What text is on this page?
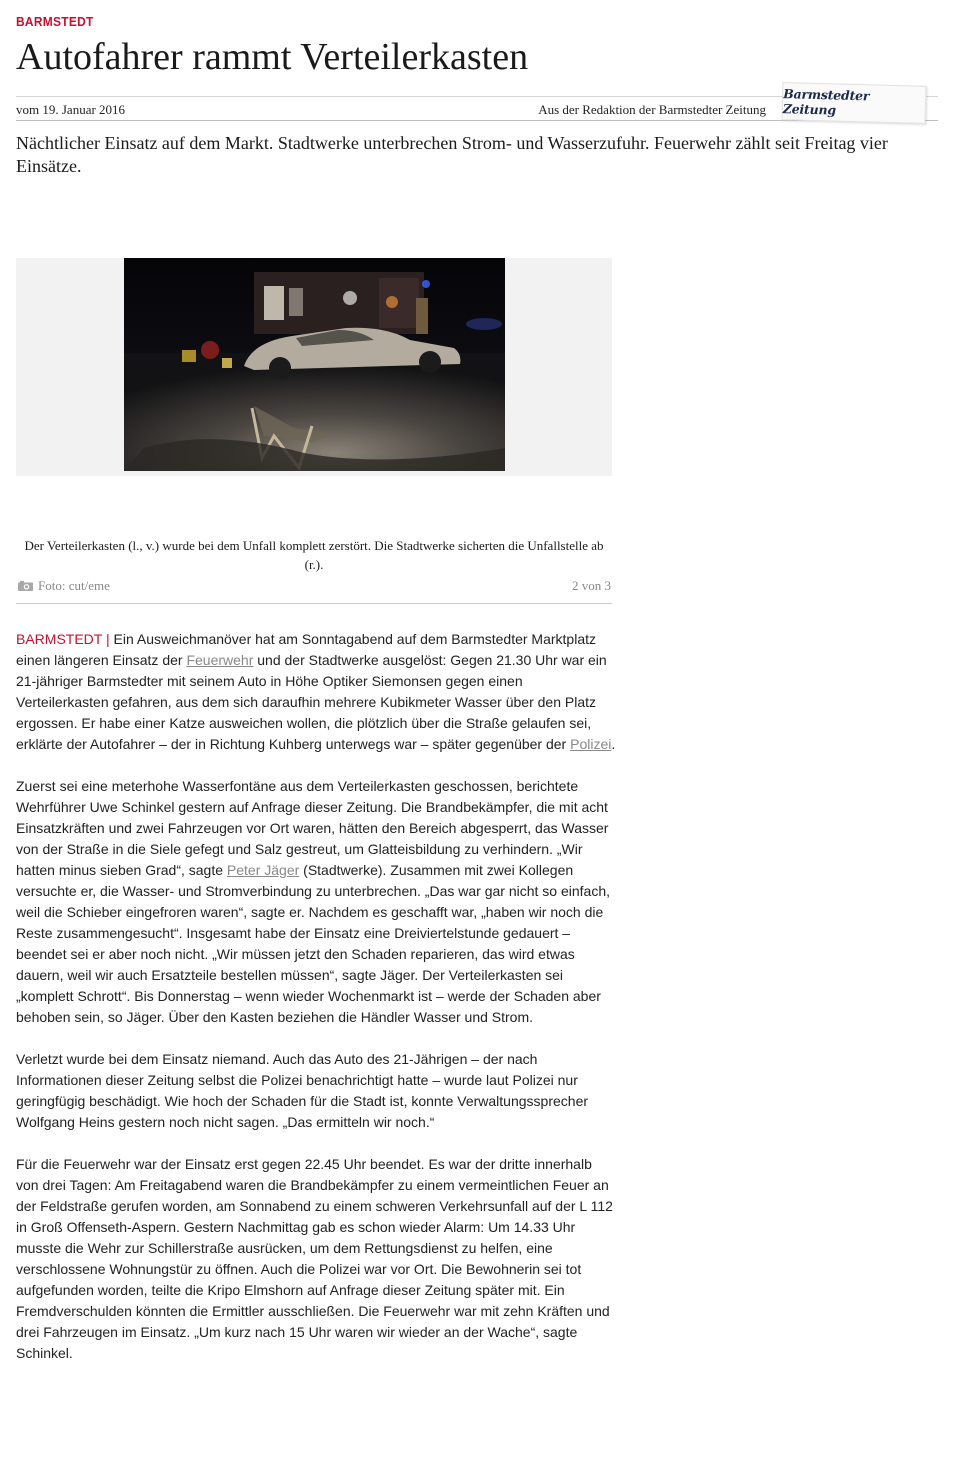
BARMSTEDT
Autofahrer rammt Verteilerkasten
vom 19. Januar 2016	Aus der Redaktion der Barmstedter Zeitung
Barmstedter Zeitung

Nächtlicher Einsatz auf dem Markt. Stadtwerke unterbrechen Strom- und Wasserzufuhr. Feuerwehr zählt seit Freitag vier Einsätze.

Der Verteilerkasten (l., v.) wurde bei dem Unfall komplett zerstört. Die Stadtwerke sicherten die Unfallstelle ab (r.).
Foto: cut/eme	2 von 3

BARMSTEDT | Ein Ausweichmanöver hat am Sonntagabend auf dem Barmstedter Marktplatz einen längeren Einsatz der Feuerwehr und der Stadtwerke ausgelöst: Gegen 21.30 Uhr war ein 21-jähriger Barmstedter mit seinem Auto in Höhe Optiker Siemonsen gegen einen Verteilerkasten gefahren, aus dem sich daraufhin mehrere Kubikmeter Wasser über den Platz ergossen. Er habe einer Katze ausweichen wollen, die plötzlich über die Straße gelaufen sei, erklärte der Autofahrer – der in Richtung Kuhberg unterwegs war – später gegenüber der Polizei.

Zuerst sei eine meterhohe Wasserfontäne aus dem Verteilerkasten geschossen, berichtete Wehrführer Uwe Schinkel gestern auf Anfrage dieser Zeitung. Die Brandbekämpfer, die mit acht Einsatzkräften und zwei Fahrzeugen vor Ort waren, hätten den Bereich abgesperrt, das Wasser von der Straße in die Siele gefegt und Salz gestreut, um Glatteisbildung zu verhindern. „Wir hatten minus sieben Grad“, sagte Peter Jäger (Stadtwerke). Zusammen mit zwei Kollegen versuchte er, die Wasser- und Stromverbindung zu unterbrechen. „Das war gar nicht so einfach, weil die Schieber eingefroren waren“, sagte er. Nachdem es geschafft war, „haben wir noch die Reste zusammengesucht“. Insgesamt habe der Einsatz eine Dreiviertelstunde gedauert – beendet sei er aber noch nicht. „Wir müssen jetzt den Schaden reparieren, das wird etwas dauern, weil wir auch Ersatzteile bestellen müssen“, sagte Jäger. Der Verteilerkasten sei „komplett Schrott“. Bis Donnerstag – wenn wieder Wochenmarkt ist – werde der Schaden aber behoben sein, so Jäger. Über den Kasten beziehen die Händler Wasser und Strom.

Verletzt wurde bei dem Einsatz niemand. Auch das Auto des 21-Jährigen – der nach Informationen dieser Zeitung selbst die Polizei benachrichtigt hatte – wurde laut Polizei nur geringfügig beschädigt. Wie hoch der Schaden für die Stadt ist, konnte Verwaltungssprecher Wolfgang Heins gestern noch nicht sagen. „Das ermitteln wir noch.“

Für die Feuerwehr war der Einsatz erst gegen 22.45 Uhr beendet. Es war der dritte innerhalb von drei Tagen: Am Freitagabend waren die Brandbekämpfer zu einem vermeintlichen Feuer an der Feldstraße gerufen worden, am Sonnabend zu einem schweren Verkehrsunfall auf der L 112 in Groß Offenseth-Aspern. Gestern Nachmittag gab es schon wieder Alarm: Um 14.33 Uhr musste die Wehr zur Schillerstraße ausrücken, um dem Rettungsdienst zu helfen, eine verschlossene Wohnungstür zu öffnen. Auch die Polizei war vor Ort. Die Bewohnerin sei tot aufgefunden worden, teilte die Kripo Elmshorn auf Anfrage dieser Zeitung später mit. Ein Fremdverschulden könnten die Ermittler ausschließen. Die Feuerwehr war mit zehn Kräften und drei Fahrzeugen im Einsatz. „Um kurz nach 15 Uhr waren wir wieder an der Wache“, sagte Schinkel.
